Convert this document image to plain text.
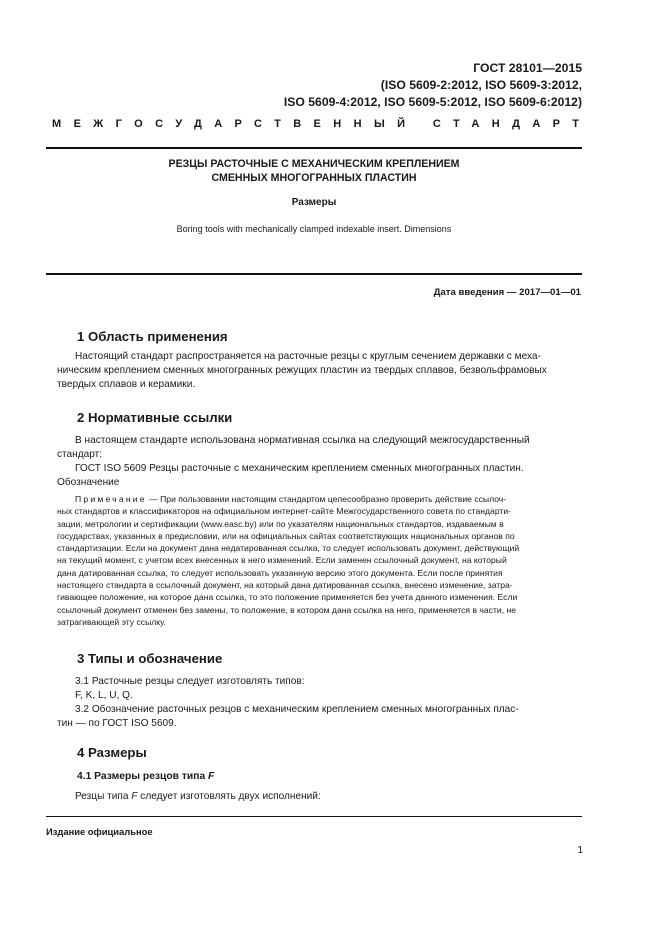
ГОСТ 28101—2015
(ISO 5609-2:2012, ISO 5609-3:2012,
ISO 5609-4:2012, ISO 5609-5:2012, ISO 5609-6:2012)
МЕЖГОСУДАРСТВЕННЫЙ СТАНДАРТ
РЕЗЦЫ РАСТОЧНЫЕ С МЕХАНИЧЕСКИМ КРЕПЛЕНИЕМ
СМЕННЫХ МНОГОГРАННЫХ ПЛАСТИН
Размеры
Boring tools with mechanically clamped indexable insert. Dimensions
Дата введения — 2017—01—01
1 Область применения
Настоящий стандарт распространяется на расточные резцы с круглым сечением державки с меха-
ническим креплением сменных многогранных режущих пластин из твердых сплавов, безвольфрамовых
твердых сплавов и керамики.
2 Нормативные ссылки
В настоящем стандарте использована нормативная ссылка на следующий межгосударственный
стандарт:
ГОСТ ISO 5609 Резцы расточные с механическим креплением сменных многогранных пластин.
Обозначение
Примечание — При пользовании настоящим стандартом целесообразно проверить действие ссылоч-
ных стандартов и классификаторов на официальном интернет-сайте Межгосударственного совета по стандарти-
зации, метрологии и сертификации (www.easc.by) или по указателям национальных стандартов, издаваемым в
государствах, указанных в предисловии, или на официальных сайтах соответствующих национальных органов по
стандартизации. Если на документ дана недатированная ссылка, то следует использовать документ, действующий
на текущий момент, с учетом всех внесенных в него изменений. Если заменен ссылочный документ, на который
дана датированная ссылка, то следует использовать указанную версию этого документа. Если после принятия
настоящего стандарта в ссылочный документ, на который дана датированная ссылка, внесено изменение, затра-
гивающее положение, на которое дана ссылка, то это положение применяется без учета данного изменения. Если
ссылочный документ отменен без замены, то положение, в котором дана ссылка на него, применяется в части, не
затрагивающей эту ссылку.
3 Типы и обозначение
3.1 Расточные резцы следует изготовлять типов:
F, K, L, U, Q.
3.2 Обозначение расточных резцов с механическим креплением сменных многогранных плас-
тин — по ГОСТ ISO 5609.
4 Размеры
4.1 Размеры резцов типа F
Резцы типа F следует изготовлять двух исполнений:
Издание официальное
1
